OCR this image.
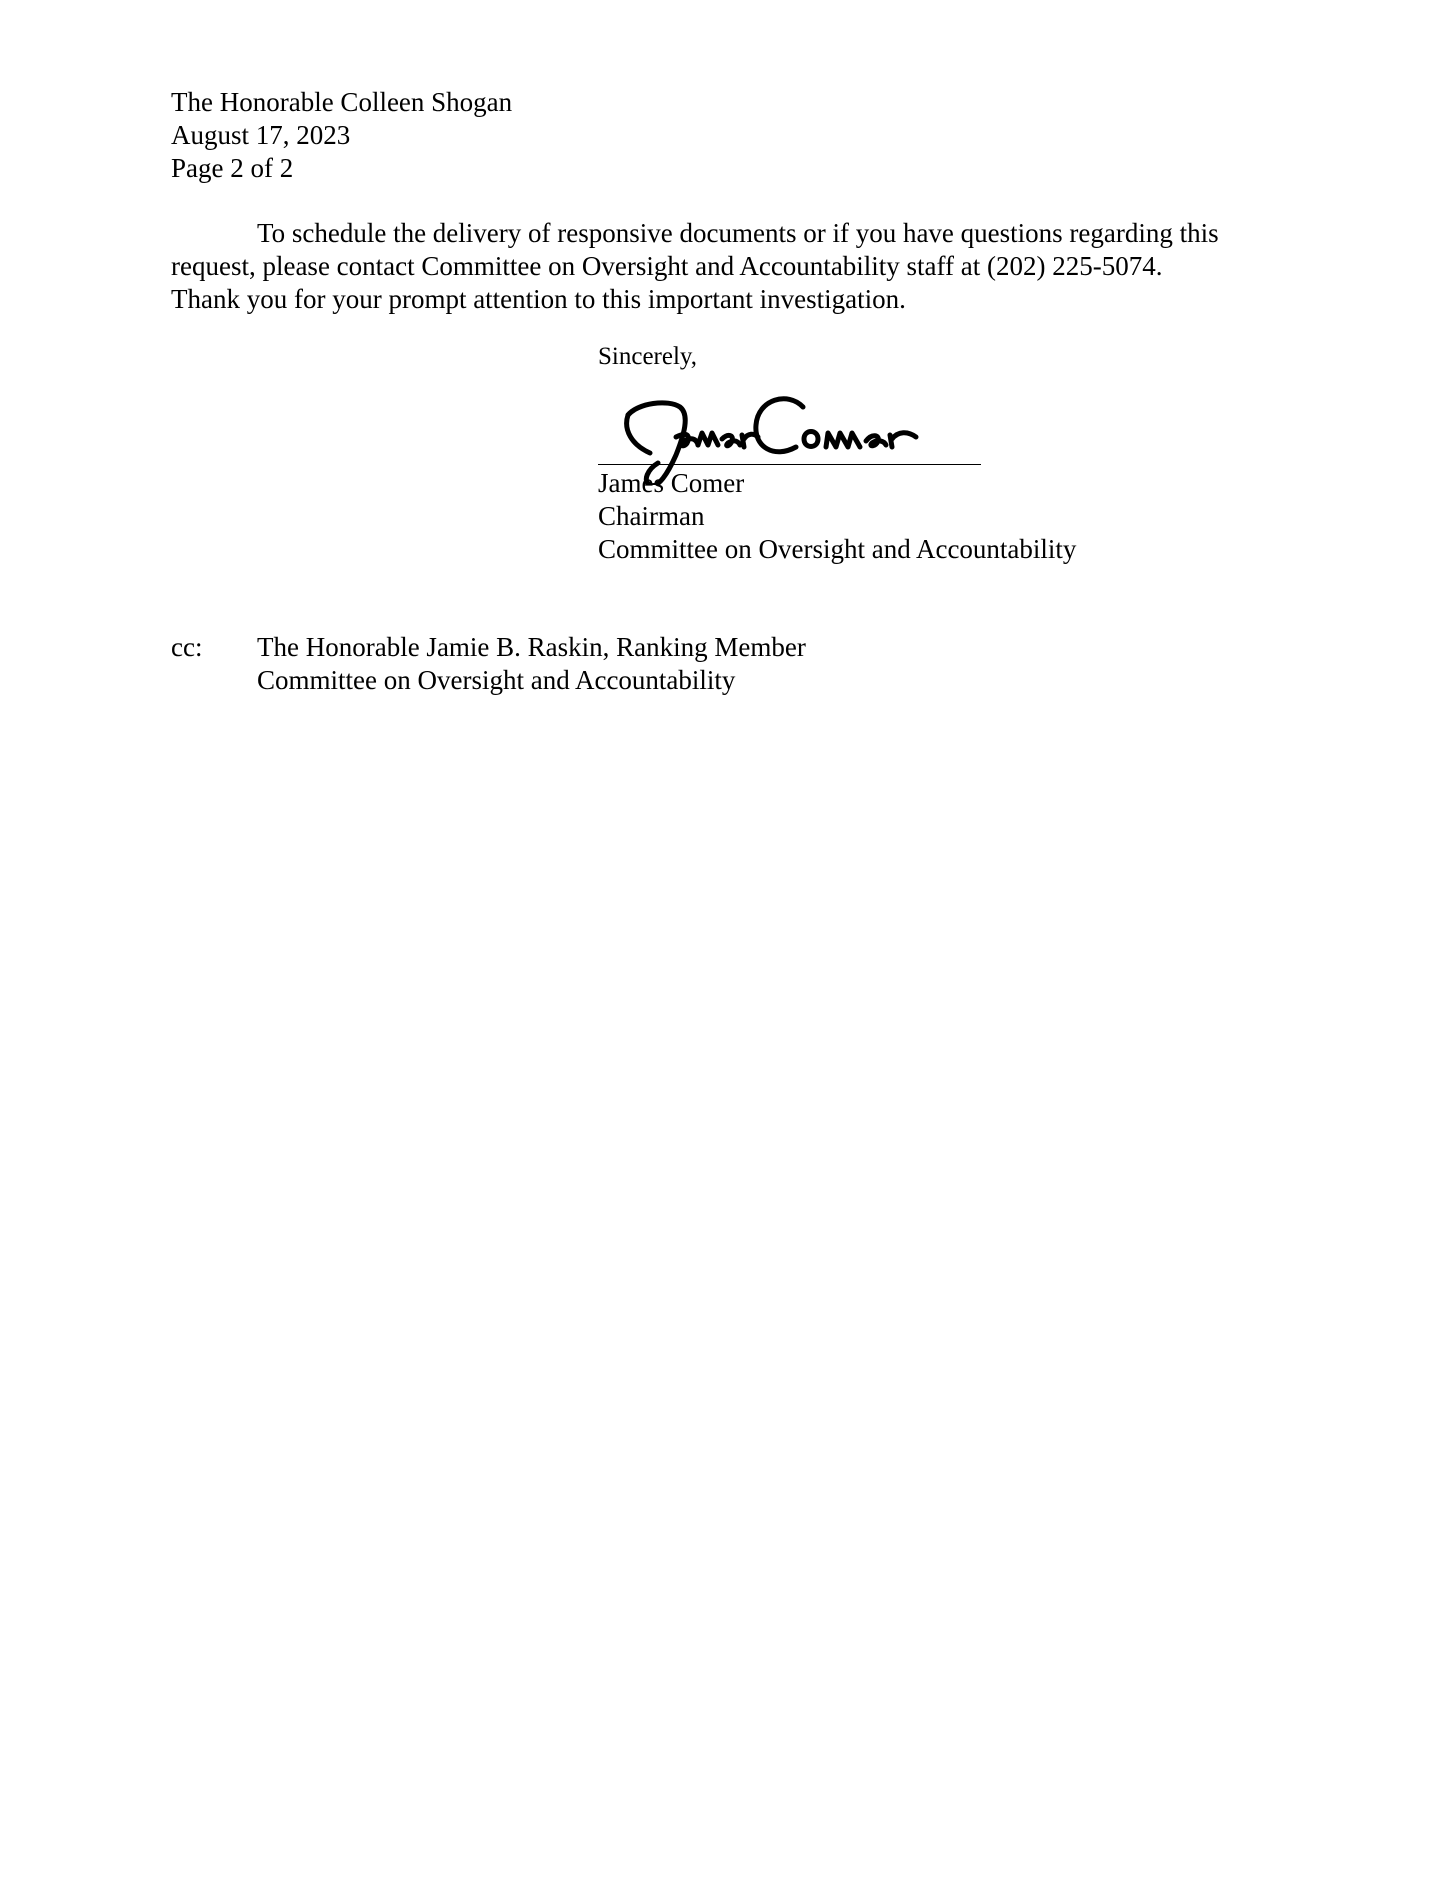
The Honorable Colleen Shogan
August 17, 2023
Page 2 of 2
To schedule the delivery of responsive documents or if you have questions regarding this
request, please contact Committee on Oversight and Accountability staff at (202) 225-5074.
Thank you for your prompt attention to this important investigation.
Sincerely,
James Comer
Chairman
Committee on Oversight and Accountability
cc: The Honorable Jamie B. Raskin, Ranking Member
Committee on Oversight and Accountability
